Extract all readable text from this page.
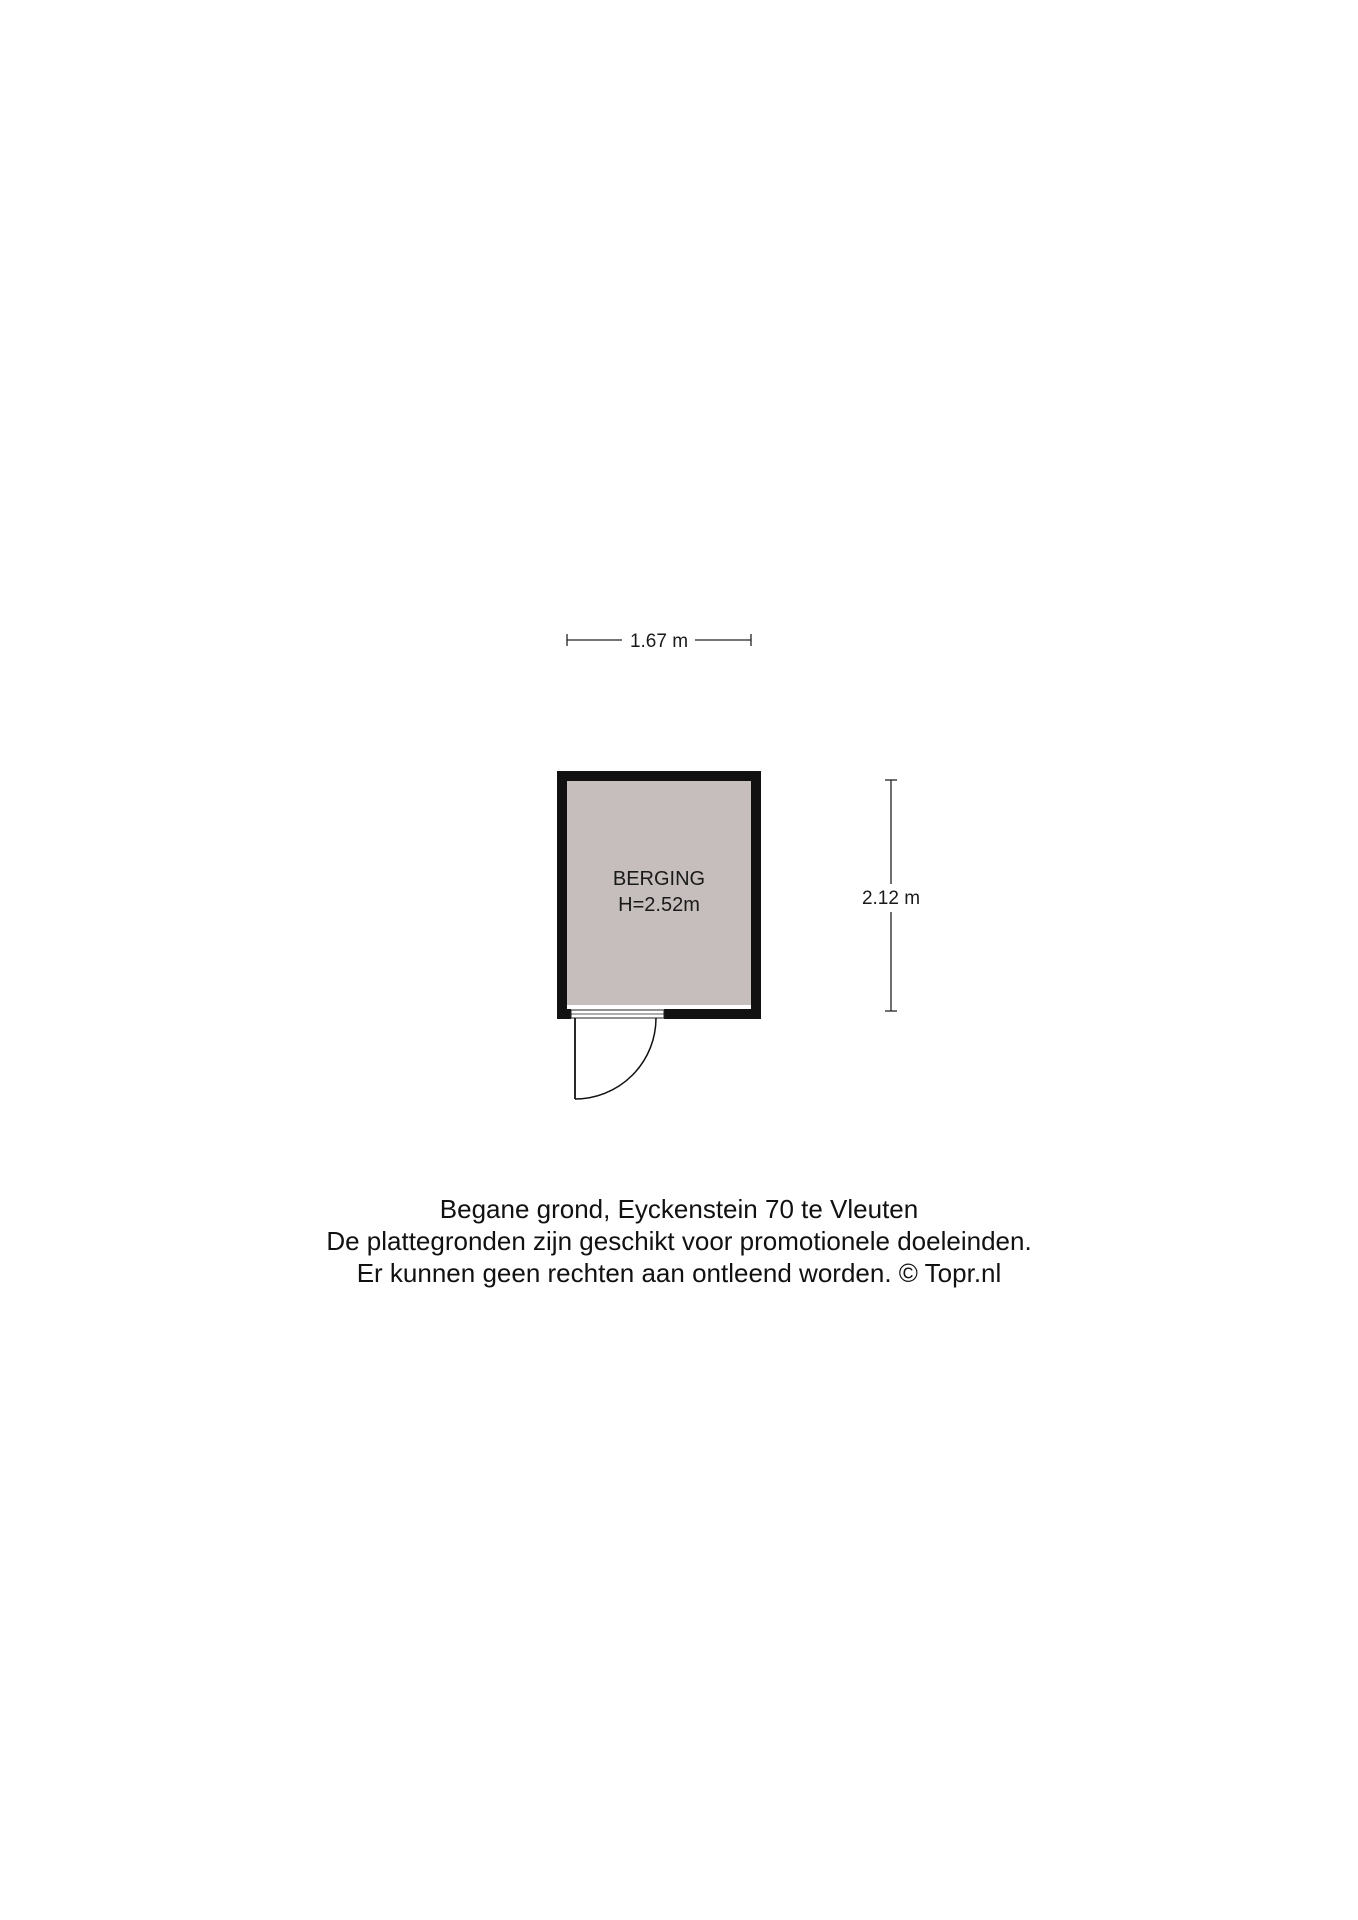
1.67 m
2.12 m
BERGING
H=2.52m
Begane grond, Eyckenstein 70 te Vleuten
De plattegronden zijn geschikt voor promotionele doeleinden.
Er kunnen geen rechten aan ontleend worden. © Topr.nl
